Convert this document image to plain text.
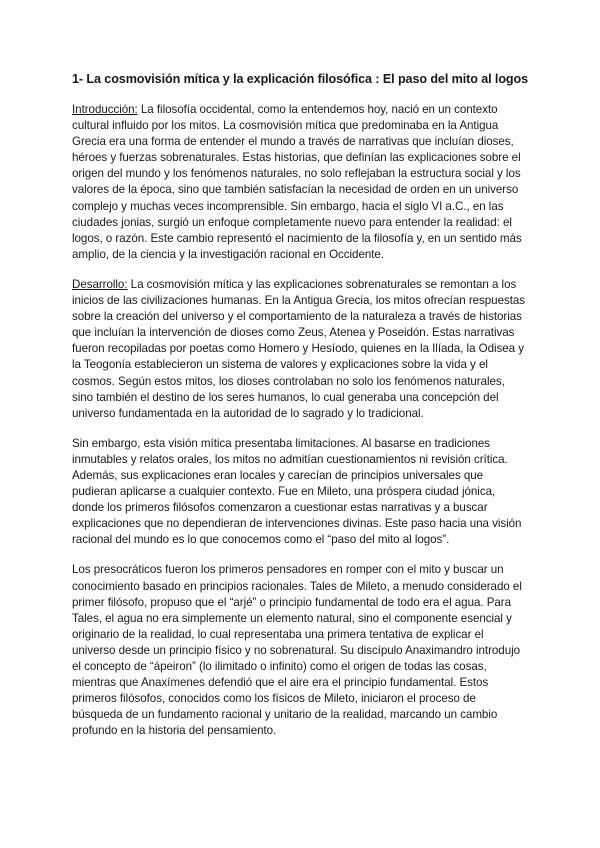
1- La cosmovisión mítica y la explicación filosófica : El paso del mito al logos

Introducción: La filosofía occidental, como la entendemos hoy, nació en un contexto cultural influido por los mitos. La cosmovisión mítica que predominaba en la Antigua Grecia era una forma de entender el mundo a través de narrativas que incluían dioses, héroes y fuerzas sobrenaturales. Estas historias, que definían las explicaciones sobre el origen del mundo y los fenómenos naturales, no solo reflejaban la estructura social y los valores de la época, sino que también satisfacían la necesidad de orden en un universo complejo y muchas veces incomprensible. Sin embargo, hacia el siglo VI a.C., en las ciudades jonias, surgió un enfoque completamente nuevo para entender la realidad: el logos, o razón. Este cambio representó el nacimiento de la filosofía y, en un sentido más amplio, de la ciencia y la investigación racional en Occidente.

Desarrollo: La cosmovisión mítica y las explicaciones sobrenaturales se remontan a los inicios de las civilizaciones humanas. En la Antigua Grecia, los mitos ofrecían respuestas sobre la creación del universo y el comportamiento de la naturaleza a través de historias que incluían la intervención de dioses como Zeus, Atenea y Poseidón. Estas narrativas fueron recopiladas por poetas como Homero y Hesíodo, quienes en la Ilíada, la Odisea y la Teogonía establecieron un sistema de valores y explicaciones sobre la vida y el cosmos. Según estos mitos, los dioses controlaban no solo los fenómenos naturales, sino también el destino de los seres humanos, lo cual generaba una concepción del universo fundamentada en la autoridad de lo sagrado y lo tradicional.

Sin embargo, esta visión mítica presentaba limitaciones. Al basarse en tradiciones inmutables y relatos orales, los mitos no admitían cuestionamientos ni revisión crítica. Además, sus explicaciones eran locales y carecían de principios universales que pudieran aplicarse a cualquier contexto. Fue en Mileto, una próspera ciudad jónica, donde los primeros filósofos comenzaron a cuestionar estas narrativas y a buscar explicaciones que no dependieran de intervenciones divinas. Este paso hacia una visión racional del mundo es lo que conocemos como el “paso del mito al logos”.

Los presocráticos fueron los primeros pensadores en romper con el mito y buscar un conocimiento basado en principios racionales. Tales de Mileto, a menudo considerado el primer filósofo, propuso que el “arjé” o principio fundamental de todo era el agua. Para Tales, el agua no era simplemente un elemento natural, sino el componente esencial y originario de la realidad, lo cual representaba una primera tentativa de explicar el universo desde un principio físico y no sobrenatural. Su discípulo Anaximandro introdujo el concepto de “ápeiron” (lo ilimitado o infinito) como el origen de todas las cosas, mientras que Anaxímenes defendió que el aire era el principio fundamental. Estos primeros filósofos, conocidos como los físicos de Mileto, iniciaron el proceso de búsqueda de un fundamento racional y unitario de la realidad, marcando un cambio profundo en la historia del pensamiento.
